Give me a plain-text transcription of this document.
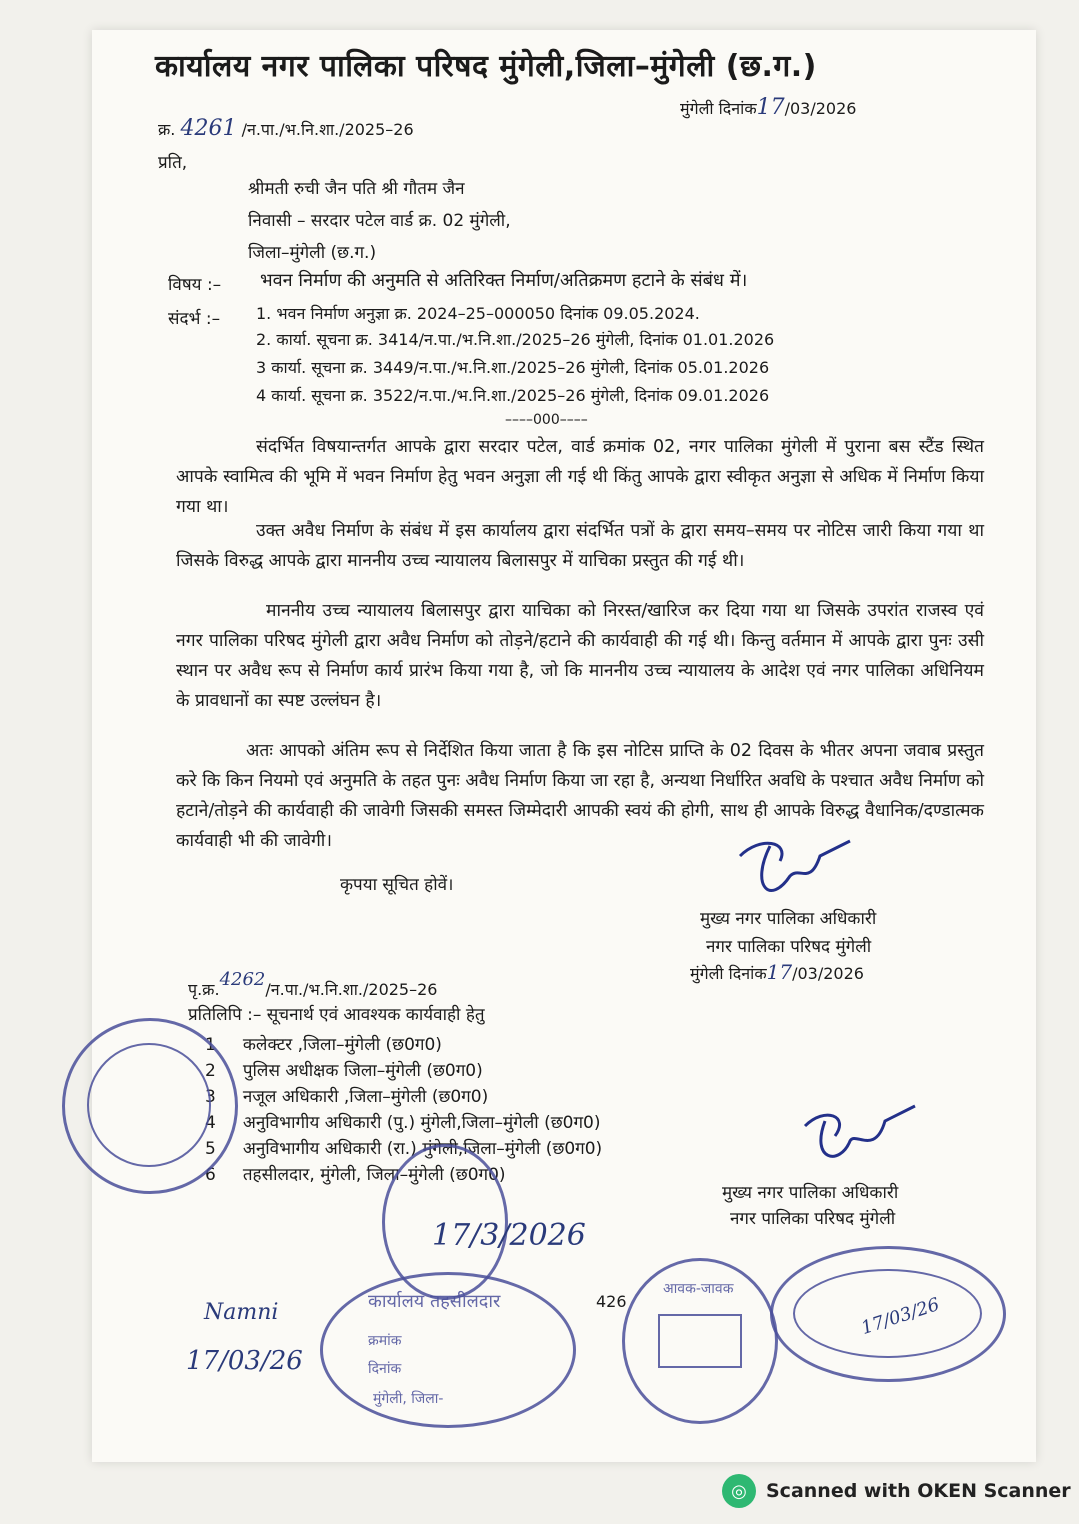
कार्यालय नगर पालिका परिषद मुंगेली,जिला–मुंगेली (छ.ग.)
क्र. 4261 /न.पा./भ.नि.शा./2025–26
मुंगेली दिनांक17/03/2026
प्रति,
श्रीमती रुची जैन पति श्री गौतम जैन
निवासी – सरदार पटेल वार्ड क्र. 02 मुंगेली,
जिला–मुंगेली (छ.ग.)
विषय :– भवन निर्माण की अनुमति से अतिरिक्त निर्माण/अतिक्रमण हटाने के संबंध में।
संदर्भ :– 1. भवन निर्माण अनुज्ञा क्र. 2024–25–000050 दिनांक 09.05.2024.
2. कार्या. सूचना क्र. 3414/न.पा./भ.नि.शा./2025–26 मुंगेली, दिनांक 01.01.2026
3 कार्या. सूचना क्र. 3449/न.पा./भ.नि.शा./2025–26 मुंगेली, दिनांक 05.01.2026
4 कार्या. सूचना क्र. 3522/न.पा./भ.नि.शा./2025–26 मुंगेली, दिनांक 09.01.2026
––––000––––
संदर्भित विषयान्तर्गत आपके द्वारा सरदार पटेल, वार्ड क्रमांक 02, नगर पालिका मुंगेली में पुराना बस स्टैंड स्थित आपके स्वामित्व की भूमि में भवन निर्माण हेतु भवन अनुज्ञा ली गई थी किंतु आपके द्वारा स्वीकृत अनुज्ञा से अधिक में निर्माण किया गया था।
उक्त अवैध निर्माण के संबंध में इस कार्यालय द्वारा संदर्भित पत्रों के द्वारा समय–समय पर नोटिस जारी किया गया था जिसके विरुद्ध आपके द्वारा माननीय उच्च न्यायालय बिलासपुर में याचिका प्रस्तुत की गई थी।
माननीय उच्च न्यायालय बिलासपुर द्वारा याचिका को निरस्त/खारिज कर दिया गया था जिसके उपरांत राजस्व एवं नगर पालिका परिषद मुंगेली द्वारा अवैध निर्माण को तोड़ने/हटाने की कार्यवाही की गई थी। किन्तु वर्तमान में आपके द्वारा पुनः उसी स्थान पर अवैध रूप से निर्माण कार्य प्रारंभ किया गया है, जो कि माननीय उच्च न्यायालय के आदेश एवं नगर पालिका अधिनियम के प्रावधानों का स्पष्ट उल्लंघन है।
अतः आपको अंतिम रूप से निर्देशित किया जाता है कि इस नोटिस प्राप्ति के 02 दिवस के भीतर अपना जवाब प्रस्तुत करे कि किन नियमो एवं अनुमति के तहत पुनः अवैध निर्माण किया जा रहा है, अन्यथा निर्धारित अवधि के पश्चात अवैध निर्माण को हटाने/तोड़ने की कार्यवाही की जावेगी जिसकी समस्त जिम्मेदारी आपकी स्वयं की होगी, साथ ही आपके विरुद्ध वैधानिक/दण्डात्मक कार्यवाही भी की जावेगी।
कृपया सूचित होवें।
मुख्य नगर पालिका अधिकारी
नगर पालिका परिषद मुंगेली
मुंगेली दिनांक17/03/2026
पृ.क्र.4262/न.पा./भ.नि.शा./2025–26
प्रतिलिपि :– सूचनार्थ एवं आवश्यक कार्यवाही हेतु
1 कलेक्टर ,जिला–मुंगेली (छ0ग0)
2 पुलिस अधीक्षक जिला–मुंगेली (छ0ग0)
3 नजूल अधिकारी ,जिला–मुंगेली (छ0ग0)
4 अनुविभागीय अधिकारी (पु.) मुंगेली,जिला–मुंगेली (छ0ग0)
5 अनुविभागीय अधिकारी (रा.) मुंगेली,जिला–मुंगेली (छ0ग0)
6 तहसीलदार, मुंगेली, जिला–मुंगेली (छ0ग0)
मुख्य नगर पालिका अधिकारी
नगर पालिका परिषद मुंगेली
कार्यालय तहसीलदार
क्रमांक
दिनांक
मुंगेली, जिला-
आवक-जावक
17/03/26
Namni
17/3/2026
426	17/03/26
◎	Scanned with OKEN Scanner
